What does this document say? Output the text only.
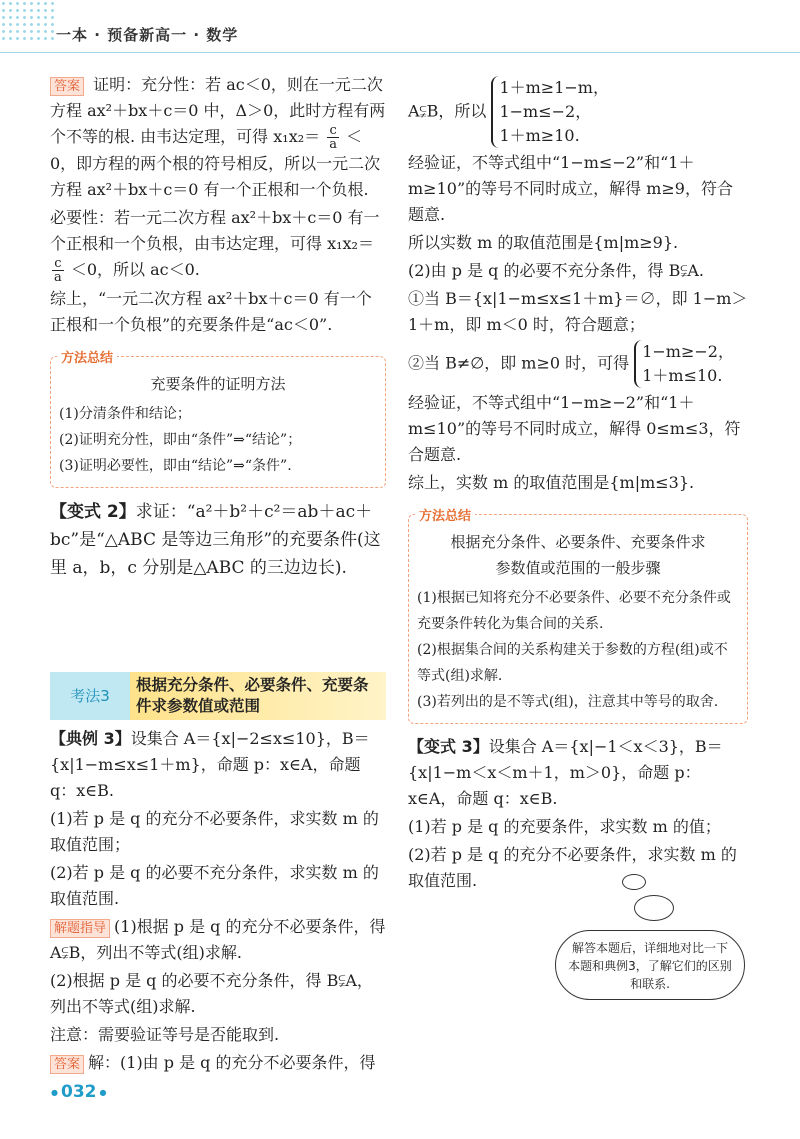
一本 · 预备新高一 · 数学

答案 证明：充分性：若 ac＜0，则在一元二次方程 ax²＋bx＋c＝0 中，Δ＞0，此时方程有两个不等的根. 由韦达定理，可得 $x_1x_2= \frac{c}{a} <0$，即方程的两个根的符号相反，所以一元二次方程 ax²＋bx＋c＝0 有一个正根和一个负根.

必要性：若一元二次方程 ax²＋bx＋c＝0 有一个正根和一个负根，由韦达定理，可得 x₁x₂＝
$\frac{c}{a} <0$，所以 ac＜0.

综上，“一元二次方程 ax²＋bx＋c＝0 有一个正根和一个负根”的充要条件是“ac＜0”.

方法总结
充要条件的证明方法
(1)分清条件和结论；
(2)证明充分性，即由“条件”⇒“结论”；
(3)证明必要性，即由“结论”⇒“条件”.

【变式 2】求证：“a²＋b²＋c²＝ab＋ac＋bc”是“△ABC 是等边三角形”的充要条件(这里 a，b，c 分别是△ABC 的三边边长).

考法3
根据充分条件、必要条件、充要条件求参数值或范围

【典例 3】设集合 A＝{x|−2≤x≤10}，B＝{x|1−m≤x≤1＋m}，命题 p：x∈A，命题 q：x∈B.

(1)若 p 是 q 的充分不必要条件，求实数 m 的取值范围；

(2)若 p 是 q 的必要不充分条件，求实数 m 的取值范围.

解题指导 (1)根据 p 是 q 的充分不必要条件，得 A⫋B，列出不等式(组)求解.

(2)根据 p 是 q 的必要不充分条件，得 B⫋A，列出不等式(组)求解.

注意：需要验证等号是否能取到.

答案 解：(1)由 p 是 q 的充分不必要条件，得

A⫋B，所以 1＋m≥1−m，
1−m≤−2，
1＋m≥10.

经验证，不等式组中“1−m≤−2”和“1＋m≥10”的等号不同时成立，解得 m≥9，符合题意.

所以实数 m 的取值范围是{m|m≥9}.

(2)由 p 是 q 的必要不充分条件，得 B⫋A.

①当 B＝{x|1−m≤x≤1＋m}＝∅，即 1−m＞1＋m，即 m＜0 时，符合题意；

②当 B≠∅，即 m≥0 时，可得 1−m≥−2，
1＋m≤10.

经验证，不等式组中“1−m≥−2”和“1＋m≤10”的等号不同时成立，解得 0≤m≤3，符合题意.

综上，实数 m 的取值范围是{m|m≤3}.

方法总结
根据充分条件、必要条件、充要条件求
参数值或范围的一般步骤
(1)根据已知将充分不必要条件、必要不充分条件或充要条件转化为集合间的关系.
(2)根据集合间的关系构建关于参数的方程(组)或不等式(组)求解.
(3)若列出的是不等式(组)，注意其中等号的取舍.

【变式 3】设集合 A＝{x|−1＜x＜3}，B＝{x|1−m＜x＜m＋1，m＞0}，命题 p：x∈A，命题 q：x∈B.

(1)若 p 是 q 的充要条件，求实数 m 的值；

(2)若 p 是 q 的充分不必要条件，求实数 m 的取值范围.

解答本题后，详细地对比一下本题和典例3，了解它们的区别和联系.
● 032 ●
